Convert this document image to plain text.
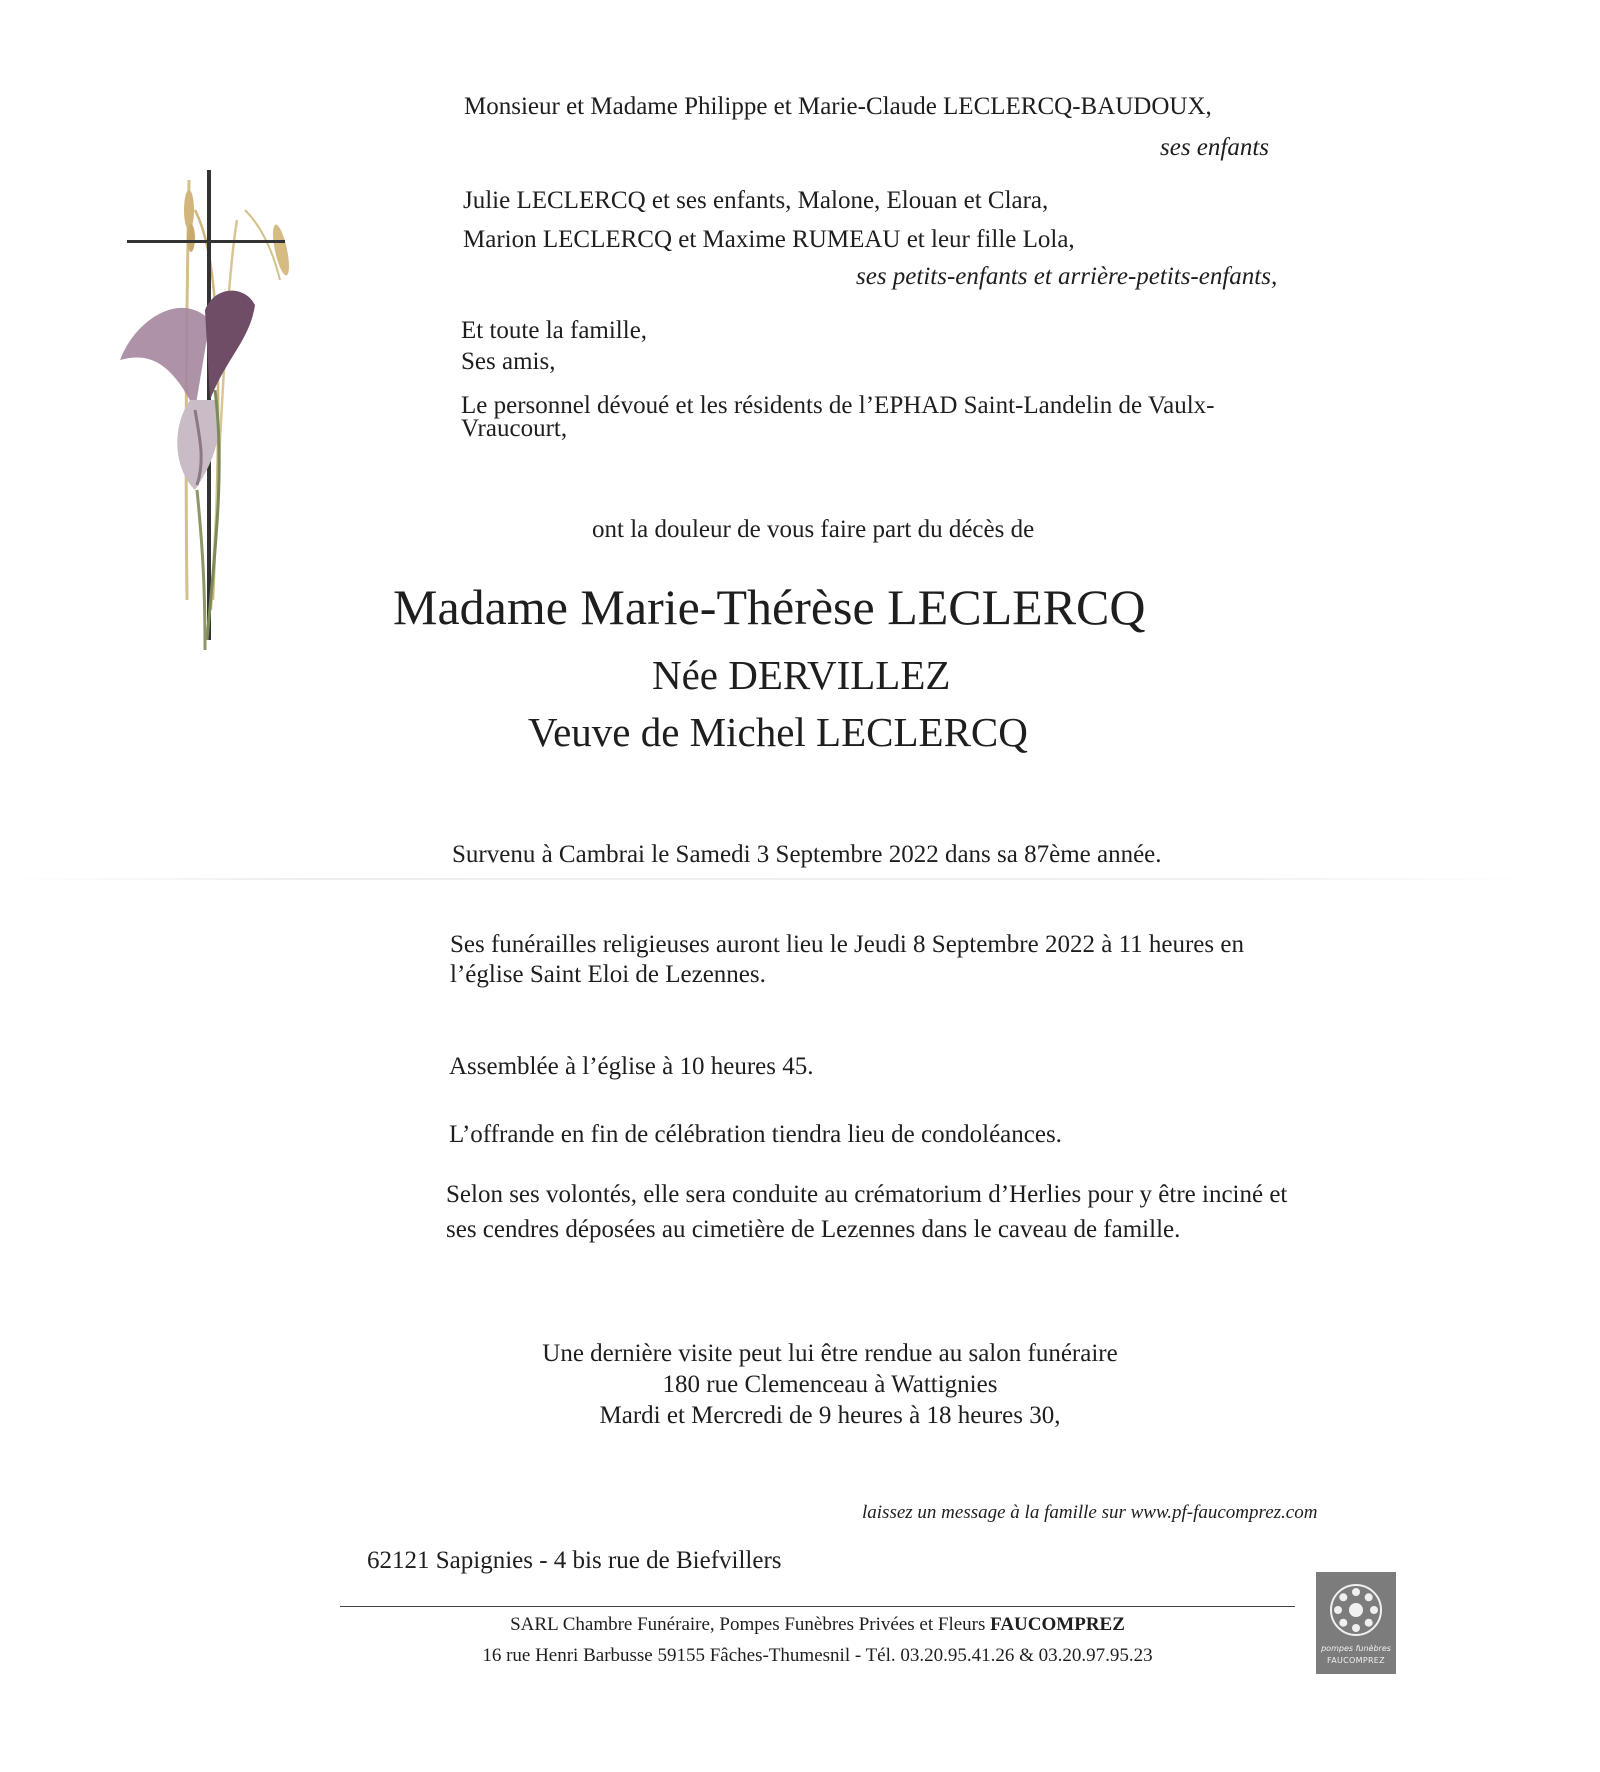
Monsieur et Madame Philippe et Marie-Claude LECLERCQ-BAUDOUX,
ses enfants
Julie LECLERCQ et ses enfants, Malone, Elouan et Clara,
Marion LECLERCQ et Maxime RUMEAU et leur fille Lola,
ses petits-enfants et arrière-petits-enfants,
Et toute la famille,
Ses amis,
Le personnel dévoué et les résidents de l’EPHAD Saint-Landelin de Vaulx-
Vraucourt,
ont la douleur de vous faire part du décès de
Madame Marie-Thérèse LECLERCQ
Née DERVILLEZ
Veuve de Michel LECLERCQ
Survenu à Cambrai le Samedi 3 Septembre 2022 dans sa 87ème année.
Ses funérailles religieuses auront lieu le Jeudi 8 Septembre 2022 à 11 heures en
l’église Saint Eloi de Lezennes.
Assemblée à l’église à 10 heures 45.
L’offrande en fin de célébration tiendra lieu de condoléances.
Selon ses volontés, elle sera conduite au crématorium d’Herlies pour y être inciné et
ses cendres déposées au cimetière de Lezennes dans le caveau de famille.
Une dernière visite peut lui être rendue au salon funéraire
180 rue Clemenceau à Wattignies
Mardi et Mercredi de 9 heures à 18 heures 30,
laissez un message à la famille sur www.pf-faucomprez.com
62121 Sapignies - 4 bis rue de Biefvillers
SARL Chambre Funéraire, Pompes Funèbres Privées et Fleurs FAUCOMPREZ
16 rue Henri Barbusse 59155 Fâches-Thumesnil - Tél. 03.20.95.41.26 & 03.20.97.95.23	pompes funèbres
FAUCOMPREZ
